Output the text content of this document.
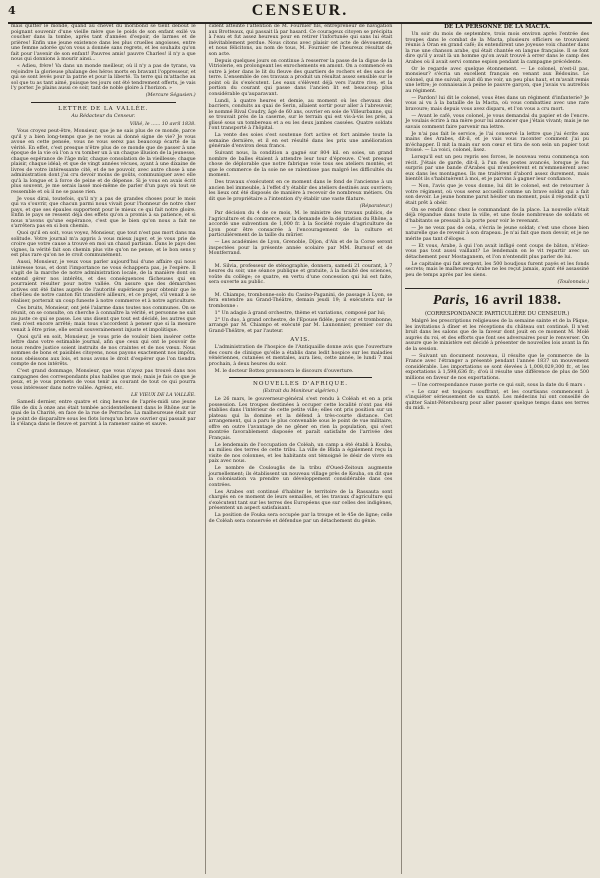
4	CENSEUR.

mais quitter le monde, quand au chevet du moribond se tient debout le poignant souvenir d'une vieille mère que le poids de son enfant exilé va coucher dans la tombe, après tant d'années d'espoir, de larmes et de prières! Enfin une jeune existence dans les plus cruelles angoisses, entre une femme adorée qu'on vous a donnée sans regrets, et les souhaits qu'on fait pour l'avenir de son enfant! Pauvres amis! pauvre Charles! il n'y a que nous qui donnions à mourir ainsi...

« Adieu, frère! Va dans un monde meilleur, où il n'y a pas de tyrans, va rejoindre la glorieuse phalange des héros morts en bravant l'oppresseur, et qui se sont levés pour la patrie et pour la liberté. Ta terre qui m'attache au sol que tu as tant aimé, puisque tes jours ont été tendrement offerts, je vais l'y porter. Je plains aussi ce soir, tant de noble gloire à l'horizon. »

(Mercure Ségusien.)

LETTRE DE LA VALLÉE.
Au Rédacteur du Censeur.

Villié, le ...... 10 avril 1838.

Vous croyez peut-être, Monsieur, que je ne sais plus de ce monde, parce qu'il y a bien long-temps que je ne vous ai donné signe de vie? Je vous avoue en cette pensée, vous ne vous serez pas beaucoup écarté de la vérité. En effet, c'est presque n'être plus de ce monde que de passer à une époque de la vie où l'on a vu tomber un à un chaque illusion de la jeunesse, chaque espérance de l'âge mûr, chaque consolation de la vieillesse; chaque plaisir, chaque idéal; et que de vingt années vécues, ayant à une dixaine de livres de votre intéressante cité, et de ne pouvoir, avec autre chose à une administration dont j'ai cru devoir moins de goûts, communiquer avec elle qu'à la longue et à force de peine et de dépense. Si je vous en avais écrit plus souvent, je me serais lassé moi-même de parler d'un pays où tout se ressemble et où il ne se passe rien.

Je vous dirai, toutefois, qu'il n'y a pas de grandes choses pour le mois qui va s'ouvrir, que chacun parmi nous vivait pour l'honneur de notre cher pays, et que ses épaules supportent pour le mieux ce qui fait notre gloire. Enfin le pays se ressent déjà des effets qu'on a promis à sa patience, et si nous n'avons qu'une espérance, c'est que le bien qu'on nous a fait ne s'arrêtera pas en si bon chemin.

Quoi qu'il en soit, vous voyez, Monsieur, que tout n'est pas mort dans ma solitude. Votre journal m'a appris à vous mieux juger, et je vous prie de croire que votre cause a trouvé en moi un chaud partisan. Dans le pays des vignes, la vérité fait son chemin plus vite qu'on ne pense, et le bon sens y est plus rare qu'on ne le croit communément.

Aussi, Monsieur, je veux vous parler aujourd'hui d'une affaire qui nous intéresse tous, et dont l'importance ne vous échappera pas, je l'espère. Il s'agit de la marche de notre administration locale, de la manière dont on entend gérer nos intérêts, et des conséquences fâcheuses qui en pourraient résulter pour notre vallée. On assure que des démarches actives ont été faites auprès de l'autorité supérieure pour obtenir que le chef-lieu de notre canton fût transféré ailleurs, et ce projet, s'il venait à se réaliser, porterait un coup funeste à notre commerce et à notre agriculture.

Ces bruits, Monsieur, ont jeté l'alarme dans toutes nos communes. On se réunit, on se consulte, on cherche à connaître la vérité, et personne ne sait au juste ce qui se passe. Les uns disent que tout est décidé, les autres que rien n'est encore arrêté; mais tous s'accordent à penser que si la mesure venait à être prise, elle serait souverainement injuste et impolitique.

Quoi qu'il en soit, Monsieur, je vous prie de vouloir bien insérer cette lettre dans votre estimable journal, afin que ceux qui ont le pouvoir de nous rendre justice soient instruits de nos craintes et de nos vœux. Nous sommes de bons et paisibles citoyens, nous payons exactement nos impôts, nous obéissons aux lois, et nous avons le droit d'espérer que l'on tiendra compte de nos intérêts.

C'est grand dommage, Monsieur, que vous n'ayez pas trouvé dans nos campagnes des correspondants plus habiles que moi; mais je fais ce que je peux, et je vous promets de vous tenir au courant de tout ce qui pourra vous intéresser dans notre vallée. Agréez, etc.

LE VIEUX DE LA VALLÉE.

Samedi dernier, entre quatre et cinq heures de l'après-midi une jeune fille de dix à onze ans était tombée accidentellement dans le Rhône sur le quai de la Charité, en face de la rue de Perrache. La malheureuse était sur le point de disparaître sous les flots lorsqu'un brave ouvrier qui passait par là s'élança dans le fleuve et parvint à la ramener saine et sauve.

cident atteinte l'attention de M. Fournier fils, entrepreneur de navigation aux Brotteaux, qui passait là par hasard. Ce courageux citoyen se précipita à l'eau et fut assez heureux pour en retirer l'infortunée qui sans lui était inévitablement perdue. Nous citons avec plaisir cet acte de dévouement, et nous félicitons, au nom de tous, M. Fournier de l'heureux résultat de son acte.

Depuis quelques jours on continue à resserrer la passe de la digue de la Vitriolerie, en prolongeant les enrochements en amont. On a commencé en outre à jeter dans le lit du fleuve des quartiers de rochers et des sacs de terre. L'ensemble de ces travaux a produit un résultat assez sensible sur le point où ils s'exécutent. Les eaux s'élèvent déjà vers l'autre rive, et la portion du courant qui passe dans l'ancien lit est beaucoup plus considérable qu'auparavant.

Lundi, à quatre heures et demie, au moment où les chevaux des bacriers, conduits au quai de Serin, allaient sortir pour aller à l'abreuvoir, le nommé Rival Coudry, âgé de 60 ans, ouvrier en soie de Villeurbanne, qui se trouvait près de la caserne, sur le terrain qui est vis-à-vis les prés, a glissé sous un tombereau et a eu les deux jambes cassées. Quatre soldats l'ont transporté à l'hôpital.

La vente des soies s'est soutenue fort active et fort animée toute la semaine dernière, et il en est résulté dans les prix une amélioration générale d'environ deux francs.

Suivant nous, la condition a gagné sur 804 kil. en soies, un grand nombre de balles étaient à attendre leur tour d'épreuve. C'est presque chose de déplorable que notre fabrique voie tous ses ateliers montés, et que le commerce de la soie ne se ralentisse pas malgré les difficultés du moment.

Des travaux s'exécutent en ce moment dans le fond de l'ancienne à un ancien bel immeuble, à l'effet d'y établir des ateliers destinés aux ouvriers; les lieux ont été disposés de manière à recevoir de nombreux métiers. On dit que le propriétaire a l'intention d'y établir une vaste filature.

(Réparateur.)

Par décision du 4 de ce mois, M. le ministre des travaux publics, de l'agriculture et du commerce, sur la demande de la députation du Rhône, a accordé une subvention de 1,000 fr. à la Société royale d'agriculture de Lyon pour être consacrée à l'encouragement de la culture et particulièrement de la taille du mûrier.

— Les académies de Lyon, Grenoble, Dijon, d'Aix et de la Corse seront inspectées pour la présente année scolaire par MM. Burnouf et de Montferrand.

M. Silvia, professeur de sténographie, donnera, samedi 21 courant, à 7 heures du soir, une séance publique et gratuite, à la faculté des sciences, voûte du collège; ce quatre, en vertu d'une concession qui lui est faite, sera ouverte au public.

M. Chiampo, trombonne-solo du Casino-Paganini, de passage à Lyon, se fera entendre au Grand-Théâtre, demain jeudi 19; il exécutera sur le trombonne :

1° Un adagio à grand orchestre, thème et variations, composé par lui;

2° Un duo, à grand orchestre, de l'Epouse fidèle, pour cor et trombonne, arrangé par M. Chiampo et exécuté par M. Launonnier, premier cor du Grand-Théâtre, et par l'auteur.

AVIS.

L'administration de l'hospice de l'Antiquaille donne avis que l'ouverture des cours de clinique qu'elle a établis dans ledit hospice sur les maladies vénériennes, cutanées et mentales, aura lieu, cette année, le lundi 7 mai prochain, à deux heures du soir.

M. le docteur Bottex prononcera le discours d'ouverture.

NOUVELLES D'AFRIQUE.
(Extrait du Moniteur algérien.)

Le 26 mars, le gouverneur-général s'est rendu à Coléah et en a pris possession. Les troupes destinées à occuper cette localité n'ont pas été établies dans l'intérieur de cette petite ville; elles ont pris position sur un plateau qui la domine et la défend à très-courte distance. Cet arrangement, qui a paru le plus convenable sous le point de vue militaire, offre en outre l'avantage de ne gêner en rien la population, qui s'est montrée favorablement disposée et paraît satisfaite de l'arrivée des Français.

Le lendemain de l'occupation de Coléah, un camp a été établi à Kouba, au milieu des terres de cette tribu. La ville de Blida a également reçu la visite de nos colonnes, et les habitants ont témoigné le désir de vivre en paix avec nous.

Le nombre de Coulouglis de la tribu d'Oued-Zeitoun augmente journellement; ils établissent un nouveau village près de Kouba, on dit que la colonisation va prendre un développement considérable dans ces contrées.

Les Arabes ont continué d'habiter le territoire de la Rassauta sont chargés en ce moment de leurs semailles, et les travaux d'agriculture qui s'exécutent tant sur les terres des Européens que sur celles des indigènes, présentent un aspect satisfaisant.

La position de Fouka sera occupée par la troupe et le 45e de ligne; celle de Coléah sera conservée et défendue par un détachement du génie.

DE LA PERSONNE DE LA MACTA.

Un soir du mois de septembre, trois mois environ après l'entrée des troupes dans le combat de la Macta, plusieurs officiers se trouvaient réunis à Oran en grand café; ils entendirent une joyeuse voix chanter dans la rue une chanson arabe, qui était chantée en langue française. Il se font dire qu'il y avait là un homme qu'on avait trouvé à errer dans le camp des Arabes où il avait servi comme espion pendant la campagne précédente.

Or le regarde avec quelque étonnement. — Le colonel, n'est-il pas, monsieur? s'écria un excellent français en venant aux Bédouins. Le colonel, qui me suivait, avait dû me voir, un peu plus haut, et m'avait remis une lettre; je connaissais à peine le pauvre garçon, que j'avais vu autrefois au régiment.

— Pardon! lui dit le colonel, vous êtes dans un régiment d'infanterie? Je vous ai vu à la bataille de la Macta, où vous combattiez avec une rare bravoure; mais depuis vous avez disparu, et l'on vous a cru mort.

— Avant le café, vous colonel, je vous demandai du papier et de l'encre. Je voulais écrire à ma mère pour lui annoncer que j'étais vivant; mais je ne savais comment faire parvenir ma lettre.

Je n'ai pas fait le service, je l'ai conservé la lettre que j'ai écrite aux mains des Arabes, dit-il, et je vais vous raconter comment j'ai pu m'échapper. Il mit la main sur son cœur et tira de son sein un papier tout froissé. — La voici, colonel, lisez.

Lorsqu'il eut un peu repris ses forces, le nouveau venu commença son récit. J'étais de garde, dit-il, à l'un des postes avancés, lorsque je fus surpris par une bande d'Arabes qui m'enlevèrent et m'emmenèrent avec eux dans les montagnes. Ils me traitèrent d'abord assez durement, mais bientôt ils s'habituèrent à moi, et je parvins à gagner leur confiance.

— Non, l'avis que je vous donne, lui dit le colonel, est de retourner à votre régiment, où vous serez accueilli comme un brave soldat qui a fait son devoir. Le jeune homme parut hésiter un moment, puis il répondit qu'il était prêt à obéir.

On se rendit donc chez le commandant de la place. La nouvelle s'était déjà répandue dans toute la ville, et une foule nombreuse de soldats et d'habitants se pressait à la porte pour voir le revenant.

— Je ne veux pas de cela, s'écria le jeune soldat; c'est une chose bien naturelle que de revenir à son drapeau. Je n'ai fait que mon devoir, et je ne mérite pas tant d'éloges.

— Et vous, Arabe, à qui l'on avait infligé cent coups de bâton, n'étiez-vous pas tout aussi vaillant? Le lendemain on le vit repartir avec un détachement pour Mostaganem, et l'on n'entendit plus parler de lui.

Le capitaine qui fait sergent, les 500 boudjous furent payés et les fonds secrets; mais le malheureux Arabe ne les reçut jamais, ayant été assassiné peu de temps après par les siens.

(Toulonnais.)

Paris, 16 avril 1838.
(CORRESPONDANCE PARTICULIÈRE DU CENSEUR.)

Malgré les prescriptions religieuses de la semaine sainte et de la Pâque, les invitations à dîner et les réceptions du château ont continué. Il n'est bruit dans les salons que de la faveur dont jouit en ce moment M. Molé auprès du roi, et des efforts que font ses adversaires pour le renverser. On assure que le ministère est décidé à présenter de nouvelles lois avant la fin de la session.

— Suivant un document nouveau, il résulte que le commerce de la France avec l'étranger a présenté pendant l'année 1837 un mouvement considérable. Les importations se sont élevées à 1,008,029,300 fr., et les exportations à 1,598,636 fr.; d'où il résulte une différence de plus de 500 millions en faveur de nos exportations.

— Une correspondance russe porte ce qui suit, sous la date du 6 mars :

« Le czar est toujours souffrant, et les courtisans commencent à s'inquiéter sérieusement de sa santé. Les médecins lui ont conseillé de quitter Saint-Pétersbourg pour aller passer quelque temps dans ses terres du midi. »
